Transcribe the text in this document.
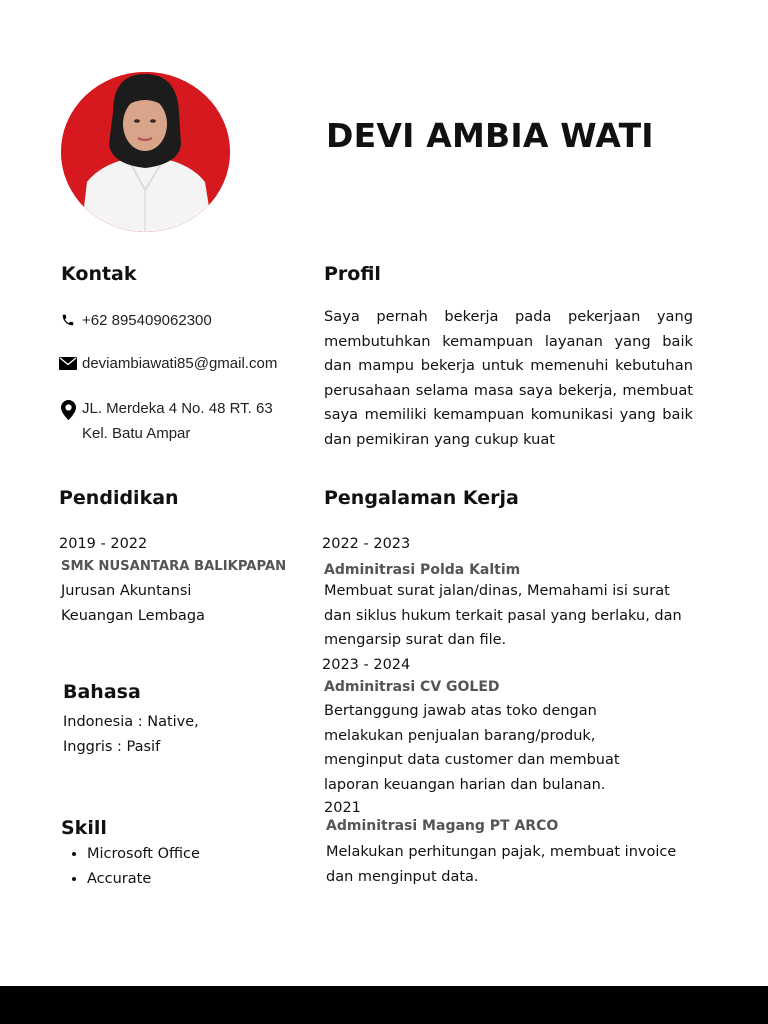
DEVI AMBIA WATI
Kontak
+62 895409062300
deviambiawati85@gmail.com
JL. Merdeka 4 No. 48 RT. 63
Kel. Batu Ampar
Profil
Saya pernah bekerja pada pekerjaan yang membutuhkan kemampuan layanan yang baik dan mampu bekerja untuk memenuhi kebutuhan perusahaan selama masa saya bekerja, membuat saya memiliki kemampuan komunikasi yang baik dan pemikiran yang cukup kuat
Pendidikan
2019 - 2022
SMK NUSANTARA BALIKPAPAN
Jurusan Akuntansi
Keuangan Lembaga
Pengalaman Kerja
2022 - 2023
Adminitrasi Polda Kaltim
Membuat surat jalan/dinas, Memahami isi surat
dan siklus hukum terkait pasal yang berlaku, dan
mengarsip surat dan file.
2023 - 2024
Adminitrasi CV GOLED
Bertanggung jawab atas toko dengan
melakukan penjualan barang/produk,
menginput data customer dan membuat
laporan keuangan harian dan bulanan.
2021
Adminitrasi Magang PT ARCO
Melakukan perhitungan pajak, membuat invoice
dan menginput data.
Bahasa
Indonesia : Native,
Inggris : Pasif
Skill
• Microsoft Office
• Accurate
